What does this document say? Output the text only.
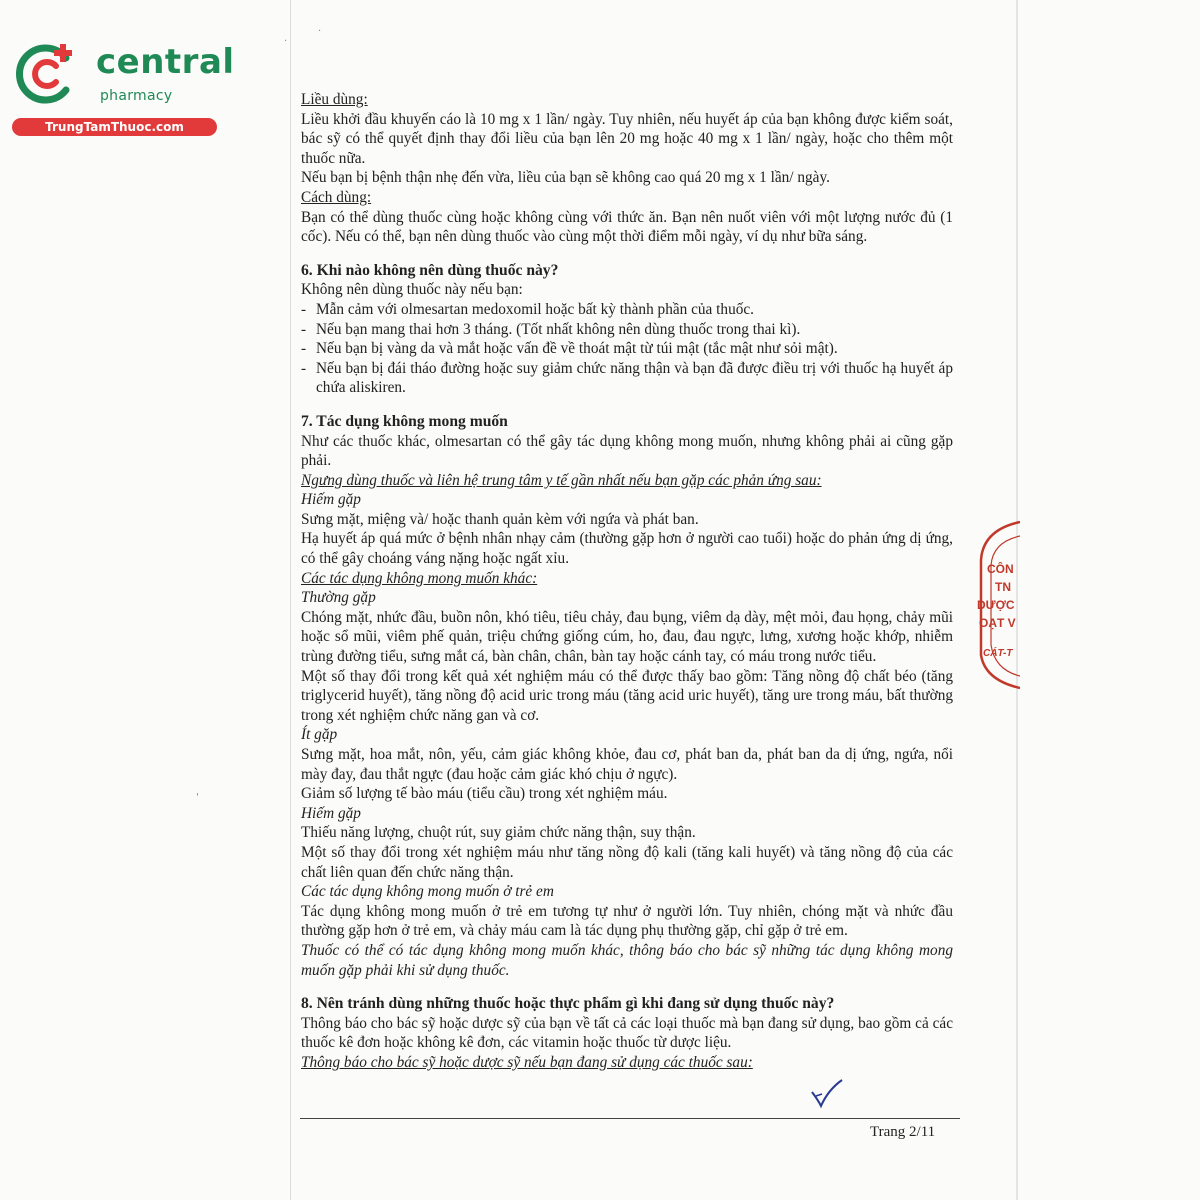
central
pharmacy
TrungTamThuoc.com
·
·
'

Liều dùng:

Liều khởi đầu khuyến cáo là 10 mg x 1 lần/ ngày. Tuy nhiên, nếu huyết áp của bạn không được kiểm soát, bác sỹ có thể quyết định thay đổi liều của bạn lên 20 mg hoặc 40 mg x 1 lần/ ngày, hoặc cho thêm một thuốc nữa.

Nếu bạn bị bệnh thận nhẹ đến vừa, liều của bạn sẽ không cao quá 20 mg x 1 lần/ ngày.

Cách dùng:

Bạn có thể dùng thuốc cùng hoặc không cùng với thức ăn. Bạn nên nuốt viên với một lượng nước đủ (1 cốc). Nếu có thể, bạn nên dùng thuốc vào cùng một thời điểm mỗi ngày, ví dụ như bữa sáng.

6. Khi nào không nên dùng thuốc này?

Không nên dùng thuốc này nếu bạn:

- Mẫn cảm với olmesartan medoxomil hoặc bất kỳ thành phần của thuốc.
- Nếu bạn mang thai hơn 3 tháng. (Tốt nhất không nên dùng thuốc trong thai kì).
- Nếu bạn bị vàng da và mắt hoặc vấn đề về thoát mật từ túi mật (tắc mật như sỏi mật).
- Nếu bạn bị đái tháo đường hoặc suy giảm chức năng thận và bạn đã được điều trị với thuốc hạ huyết áp chứa aliskiren.

7. Tác dụng không mong muốn

Như các thuốc khác, olmesartan có thể gây tác dụng không mong muốn, nhưng không phải ai cũng gặp phải.

Ngưng dùng thuốc và liên hệ trung tâm y tế gần nhất nếu bạn gặp các phản ứng sau:

Hiếm gặp

Sưng mặt, miệng và/ hoặc thanh quản kèm với ngứa và phát ban.

Hạ huyết áp quá mức ở bệnh nhân nhạy cảm (thường gặp hơn ở người cao tuổi) hoặc do phản ứng dị ứng, có thể gây choáng váng nặng hoặc ngất xỉu.

Các tác dụng không mong muốn khác:

Thường gặp

Chóng mặt, nhức đầu, buồn nôn, khó tiêu, tiêu chảy, đau bụng, viêm dạ dày, mệt mỏi, đau họng, chảy mũi hoặc sổ mũi, viêm phế quản, triệu chứng giống cúm, ho, đau, đau ngực, lưng, xương hoặc khớp, nhiễm trùng đường tiểu, sưng mắt cá, bàn chân, chân, bàn tay hoặc cánh tay, có máu trong nước tiểu.

Một số thay đổi trong kết quả xét nghiệm máu có thể được thấy bao gồm: Tăng nồng độ chất béo (tăng triglycerid huyết), tăng nồng độ acid uric trong máu (tăng acid uric huyết), tăng ure trong máu, bất thường trong xét nghiệm chức năng gan và cơ.

Ít gặp

Sưng mặt, hoa mắt, nôn, yếu, cảm giác không khỏe, đau cơ, phát ban da, phát ban da dị ứng, ngứa, nổi mày đay, đau thắt ngực (đau hoặc cảm giác khó chịu ở ngực).

Giảm số lượng tế bào máu (tiểu cầu) trong xét nghiệm máu.

Hiếm gặp

Thiếu năng lượng, chuột rút, suy giảm chức năng thận, suy thận.

Một số thay đổi trong xét nghiệm máu như tăng nồng độ kali (tăng kali huyết) và tăng nồng độ của các chất liên quan đến chức năng thận.

Các tác dụng không mong muốn ở trẻ em

Tác dụng không mong muốn ở trẻ em tương tự như ở người lớn. Tuy nhiên, chóng mặt và nhức đầu thường gặp hơn ở trẻ em, và chảy máu cam là tác dụng phụ thường gặp, chỉ gặp ở trẻ em.

Thuốc có thể có tác dụng không mong muốn khác, thông báo cho bác sỹ những tác dụng không mong muốn gặp phải khi sử dụng thuốc.

8. Nên tránh dùng những thuốc hoặc thực phẩm gì khi đang sử dụng thuốc này?

Thông báo cho bác sỹ hoặc dược sỹ của bạn về tất cả các loại thuốc mà bạn đang sử dụng, bao gồm cả các thuốc kê đơn hoặc không kê đơn, các vitamin hoặc thuốc từ dược liệu.

Thông báo cho bác sỹ hoặc dược sỹ nếu bạn đang sử dụng các thuốc sau:

Trang 2/11
CÔN
TN
DƯỢC
OẠT V
CÁT-T
